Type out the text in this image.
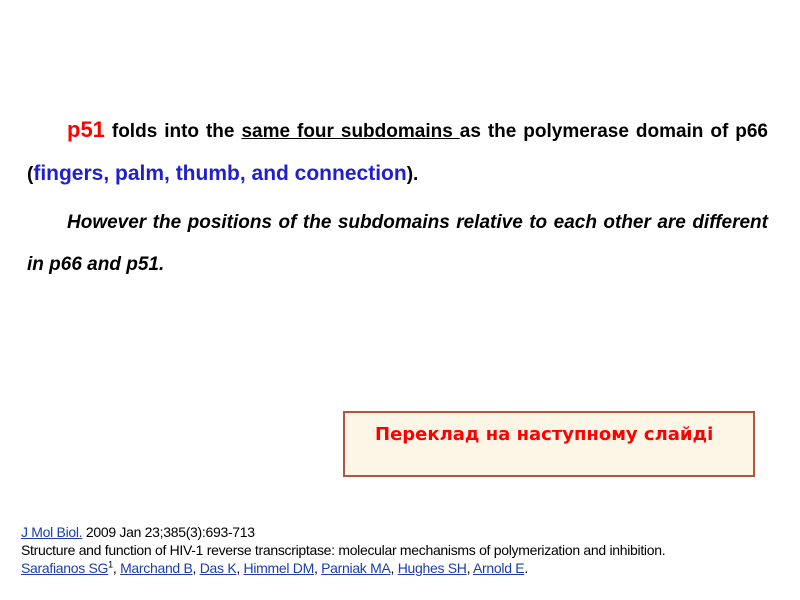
p51 folds into the same four subdomains as the polymerase domain of p66 (fingers, palm, thumb, and connection).

However the positions of the subdomains relative to each other are different in p66 and p51.

Переклад на наступному слайді
J Mol Biol. 2009 Jan 23;385(3):693-713
Structure and function of HIV-1 reverse transcriptase: molecular mechanisms of polymerization and inhibition.
Sarafianos $SG^1$, Marchand B, Das K, Himmel DM, Parniak MA, Hughes SH, Arnold E.
